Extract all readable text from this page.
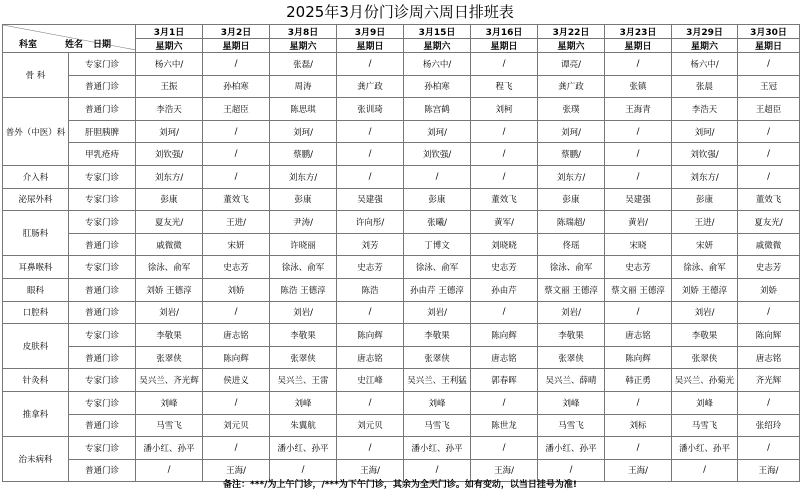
2025年3月份门诊周六周日排班表
科室 姓名 日期		3月1日	3月2日	3月8日	3月9日	3月15日	3月16日	3月22日	3月23日	3月29日	3月30日
		星期六	星期日	星期六	星期日	星期六	星期日	星期六	星期日	星期六	星期日
骨 科	专家门诊	杨六中/	/	张磊/	/	杨六中/	/	谭亮/	/	杨六中/	/
	普通门诊	王振	孙柏寒	周涛	龚广政	孙柏寒	程飞	龚广政	张镇	张晨	王冠
普外（中医）科	普通门诊	李浩天	王超臣	陈思琪	张训琦	陈宫鹤	刘柯	张璞	王海青	李浩天	王超臣
	肝胆胰脾	刘珂/	/	刘珂/	/	刘珂/	/	刘珂/	/	刘珂/	/
	甲乳疮痔	刘钦强/	/	蔡鹏/	/	刘钦强/	/	蔡鹏/	/	刘钦强/	/
介入科	专家门诊	刘东方/	/	刘东方/	/	/	/	刘东方/	/	刘东方/	/
泌尿外科	专家门诊	彭康	董效飞	彭康	吴建强	彭康	董效飞	彭康	吴建强	彭康	董效飞
肛肠科	专家门诊	夏友光/	王进/	尹涛/	许向彤/	张曦/	黄军/	陈瑞超/	黄岩/	王进/	夏友光/
	普通门诊	戚微微	宋妍	许晓丽	刘芳	丁博文	刘晓晓	佟瑶	宋晓	宋妍	戚微微
耳鼻喉科	专家门诊	徐泳、俞军	史志芳	徐泳、俞军	史志芳	徐泳、俞军	史志芳	徐泳、俞军	史志芳	徐泳、俞军	史志芳
眼科	普通门诊	刘娇 王德淳	刘娇	陈浩 王德淳	陈浩	孙由芹 王德淳	孙由芹	蔡文丽 王德淳	蔡文丽 王德淳	刘娇 王德淳	刘娇
口腔科	普通门诊	刘岩/	/	刘岩/	/	刘岩/	/	刘岩/	/	刘岩/	/
皮肤科	专家门诊	李敬果	唐志铭	李敬果	陈向辉	李敬果	陈向辉	李敬果	唐志铭	李敬果	陈向辉
	普通门诊	张翠侠	陈向辉	张翠侠	唐志铭	张翠侠	唐志铭	张翠侠	陈向辉	张翠侠	唐志铭
针灸科	专家门诊	吴兴兰、齐光辉	侯进义	吴兴兰、王雷	史江峰	吴兴兰、王利猛	郭春晖	吴兴兰、薛晴	韩正勇	吴兴兰、孙菊光	齐光辉
推拿科	专家门诊	刘峰	/	刘峰	/	刘峰	/	刘峰	/	刘峰	/
	普通门诊	马雪飞	刘元贝	朱翼航	刘元贝	马雪飞	陈世龙	马雪飞	刘标	马雪飞	张绍玲
治未病科	专家门诊	潘小红、孙平	/	潘小红、孙平	/	潘小红、孙平	/	潘小红、孙平	/	潘小红、孙平	/
	普通门诊	/	王海/	/	王海/	/	王海/	/	王海/	/	王海/
备注：***/为上午门诊，/***为下午门诊，其余为全天门诊。如有变动，以当日挂号为准!
